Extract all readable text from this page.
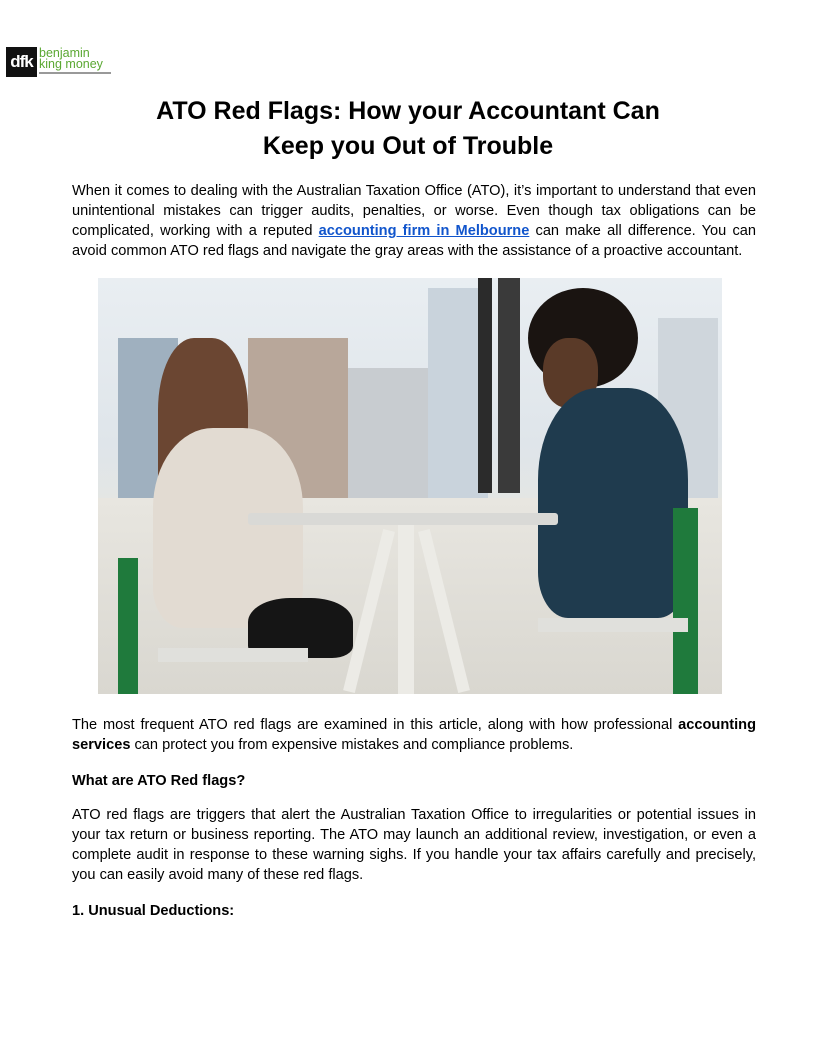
dfk benjamin
king money
ATO Red Flags: How your Accountant Can
Keep you Out of Trouble

When it comes to dealing with the Australian Taxation Office (ATO), it’s important to understand that even unintentional mistakes can trigger audits, penalties, or worse. Even though tax obligations can be complicated, working with a reputed accounting firm in Melbourne can make all difference. You can avoid common ATO red flags and navigate the gray areas with the assistance of a proactive accountant.

The most frequent ATO red flags are examined in this article, along with how professional accounting services can protect you from expensive mistakes and compliance problems.

What are ATO Red flags?

ATO red flags are triggers that alert the Australian Taxation Office to irregularities or potential issues in your tax return or business reporting. The ATO may launch an additional review, investigation, or even a complete audit in response to these warning sighs. If you handle your tax affairs carefully and precisely, you can easily avoid many of these red flags.

1. Unusual Deductions:
